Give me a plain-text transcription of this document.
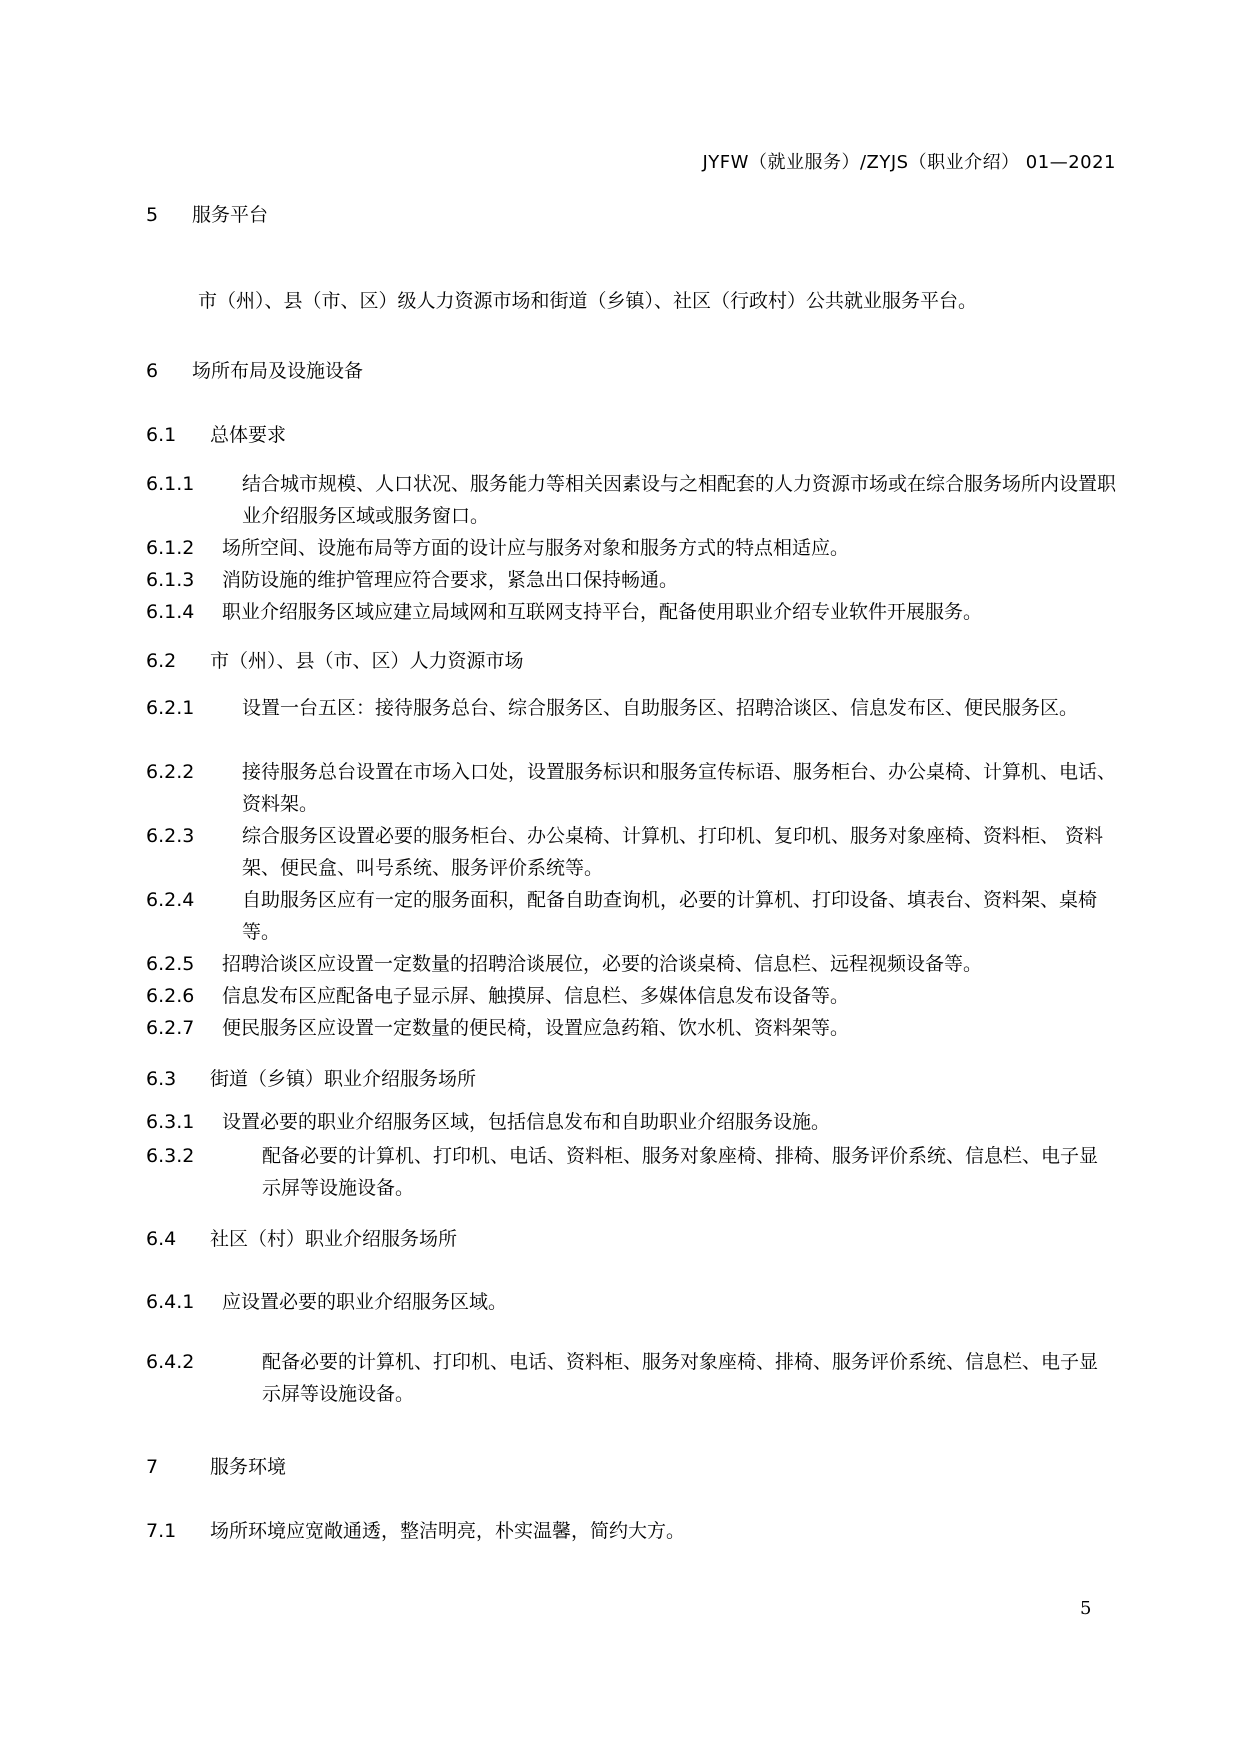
JYFW（就业服务）/ZYJS（职业介绍） 01—2021
5	服务平台
市（州）、县（市、区）级人力资源市场和街道（乡镇）、社区（行政村）公共就业服务平台。
6	场所布局及设施设备
6.1	总体要求
6.1.1	结合城市规模、人口状况、服务能力等相关因素设与之相配套的人力资源市场或在综合服务场所内设置职业介绍服务区域或服务窗口。
6.1.2	场所空间、设施布局等方面的设计应与服务对象和服务方式的特点相适应。
6.1.3	消防设施的维护管理应符合要求，紧急出口保持畅通。
6.1.4	职业介绍服务区域应建立局域网和互联网支持平台，配备使用职业介绍专业软件开展服务。
6.2	市（州）、县（市、区）人力资源市场
6.2.1	设置一台五区：接待服务总台、综合服务区、自助服务区、招聘洽谈区、信息发布区、便民服务区。
6.2.2	接待服务总台设置在市场入口处，设置服务标识和服务宣传标语、服务柜台、办公桌椅、计算机、电话、资料架。
6.2.3	综合服务区设置必要的服务柜台、办公桌椅、计算机、打印机、复印机、服务对象座椅、资料柜、 资料架、便民盒、叫号系统、服务评价系统等。
6.2.4	自助服务区应有一定的服务面积，配备自助查询机，必要的计算机、打印设备、填表台、资料架、桌椅等。
6.2.5	招聘洽谈区应设置一定数量的招聘洽谈展位，必要的洽谈桌椅、信息栏、远程视频设备等。
6.2.6	信息发布区应配备电子显示屏、触摸屏、信息栏、多媒体信息发布设备等。
6.2.7	便民服务区应设置一定数量的便民椅，设置应急药箱、饮水机、资料架等。
6.3	街道（乡镇）职业介绍服务场所
6.3.1	设置必要的职业介绍服务区域，包括信息发布和自助职业介绍服务设施。
6.3.2	配备必要的计算机、打印机、电话、资料柜、服务对象座椅、排椅、服务评价系统、信息栏、电子显示屏等设施设备。
6.4	社区（村）职业介绍服务场所
6.4.1	应设置必要的职业介绍服务区域。
6.4.2	配备必要的计算机、打印机、电话、资料柜、服务对象座椅、排椅、服务评价系统、信息栏、电子显示屏等设施设备。
7	服务环境
7.1	场所环境应宽敞通透，整洁明亮，朴实温馨，简约大方。
5
